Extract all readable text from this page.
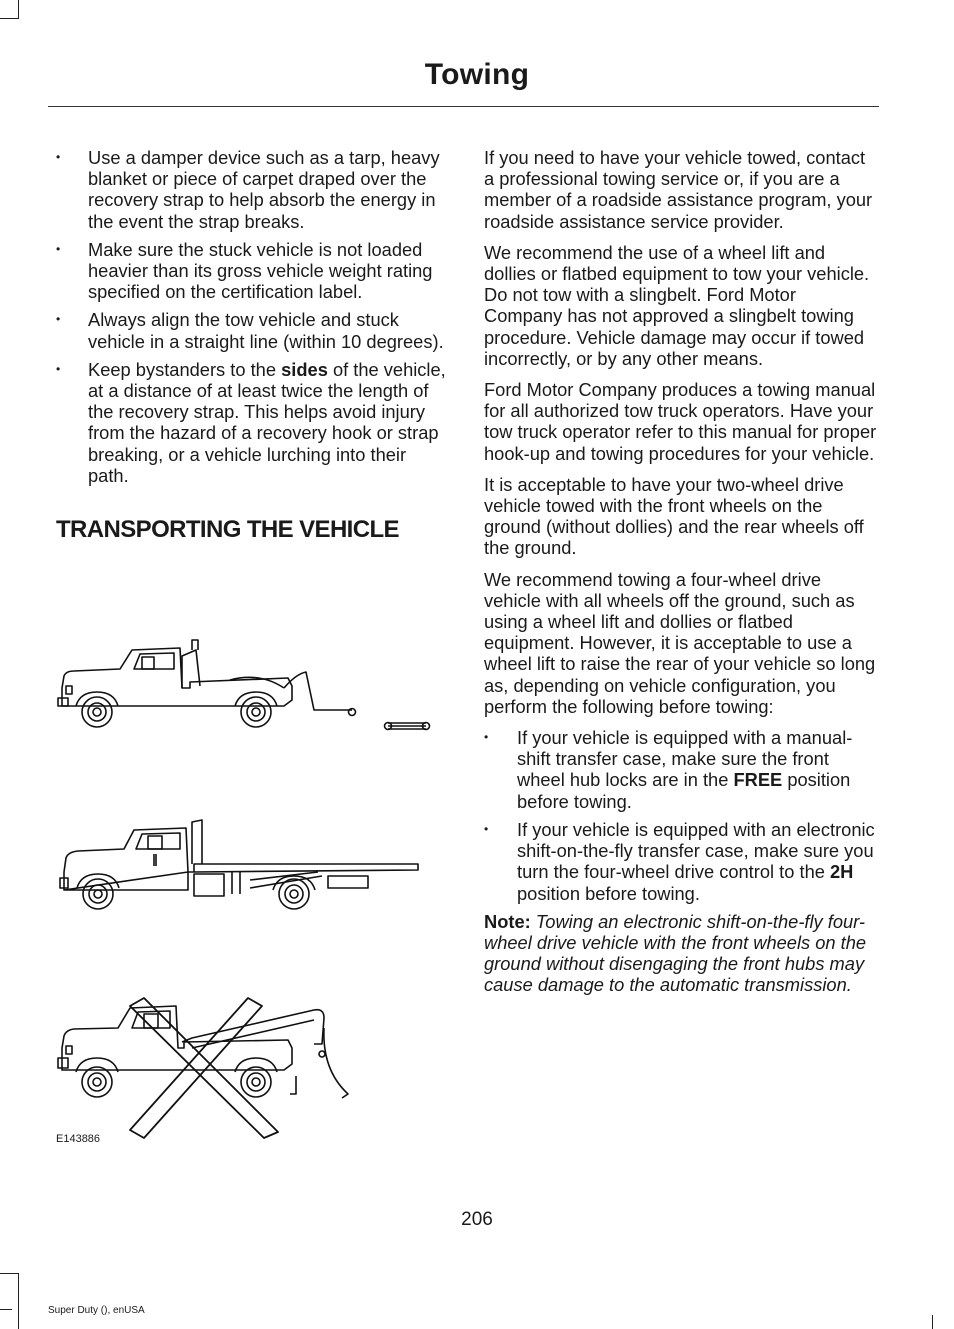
Towing
• Use a damper device such as a tarp, heavy blanket or piece of carpet draped over the recovery strap to help absorb the energy in the event the strap breaks.
• Make sure the stuck vehicle is not loaded heavier than its gross vehicle weight rating specified on the certification label.
• Always align the tow vehicle and stuck vehicle in a straight line (within 10 degrees).
• Keep bystanders to the sides of the vehicle, at a distance of at least twice the length of the recovery strap. This helps avoid injury from the hazard of a recovery hook or strap breaking, or a vehicle lurching into their path.
TRANSPORTING THE VEHICLE
E143886

If you need to have your vehicle towed, contact a professional towing service or, if you are a member of a roadside assistance program, your roadside assistance service provider.

We recommend the use of a wheel lift and dollies or flatbed equipment to tow your vehicle. Do not tow with a slingbelt. Ford Motor Company has not approved a slingbelt towing procedure. Vehicle damage may occur if towed incorrectly, or by any other means.

Ford Motor Company produces a towing manual for all authorized tow truck operators. Have your tow truck operator refer to this manual for proper hook-up and towing procedures for your vehicle.

It is acceptable to have your two-wheel drive vehicle towed with the front wheels on the ground (without dollies) and the rear wheels off the ground.

We recommend towing a four-wheel drive vehicle with all wheels off the ground, such as using a wheel lift and dollies or flatbed equipment. However, it is acceptable to use a wheel lift to raise the rear of your vehicle so long as, depending on vehicle configuration, you perform the following before towing:

• If your vehicle is equipped with a manual-shift transfer case, make sure the front wheel hub locks are in the FREE position before towing.
• If your vehicle is equipped with an electronic shift-on-the-fly transfer case, make sure you turn the four-wheel drive control to the 2H position before towing.

Note: Towing an electronic shift-on-the-fly four-wheel drive vehicle with the front wheels on the ground without disengaging the front hubs may cause damage to the automatic transmission.

206
Super Duty (), enUSA
